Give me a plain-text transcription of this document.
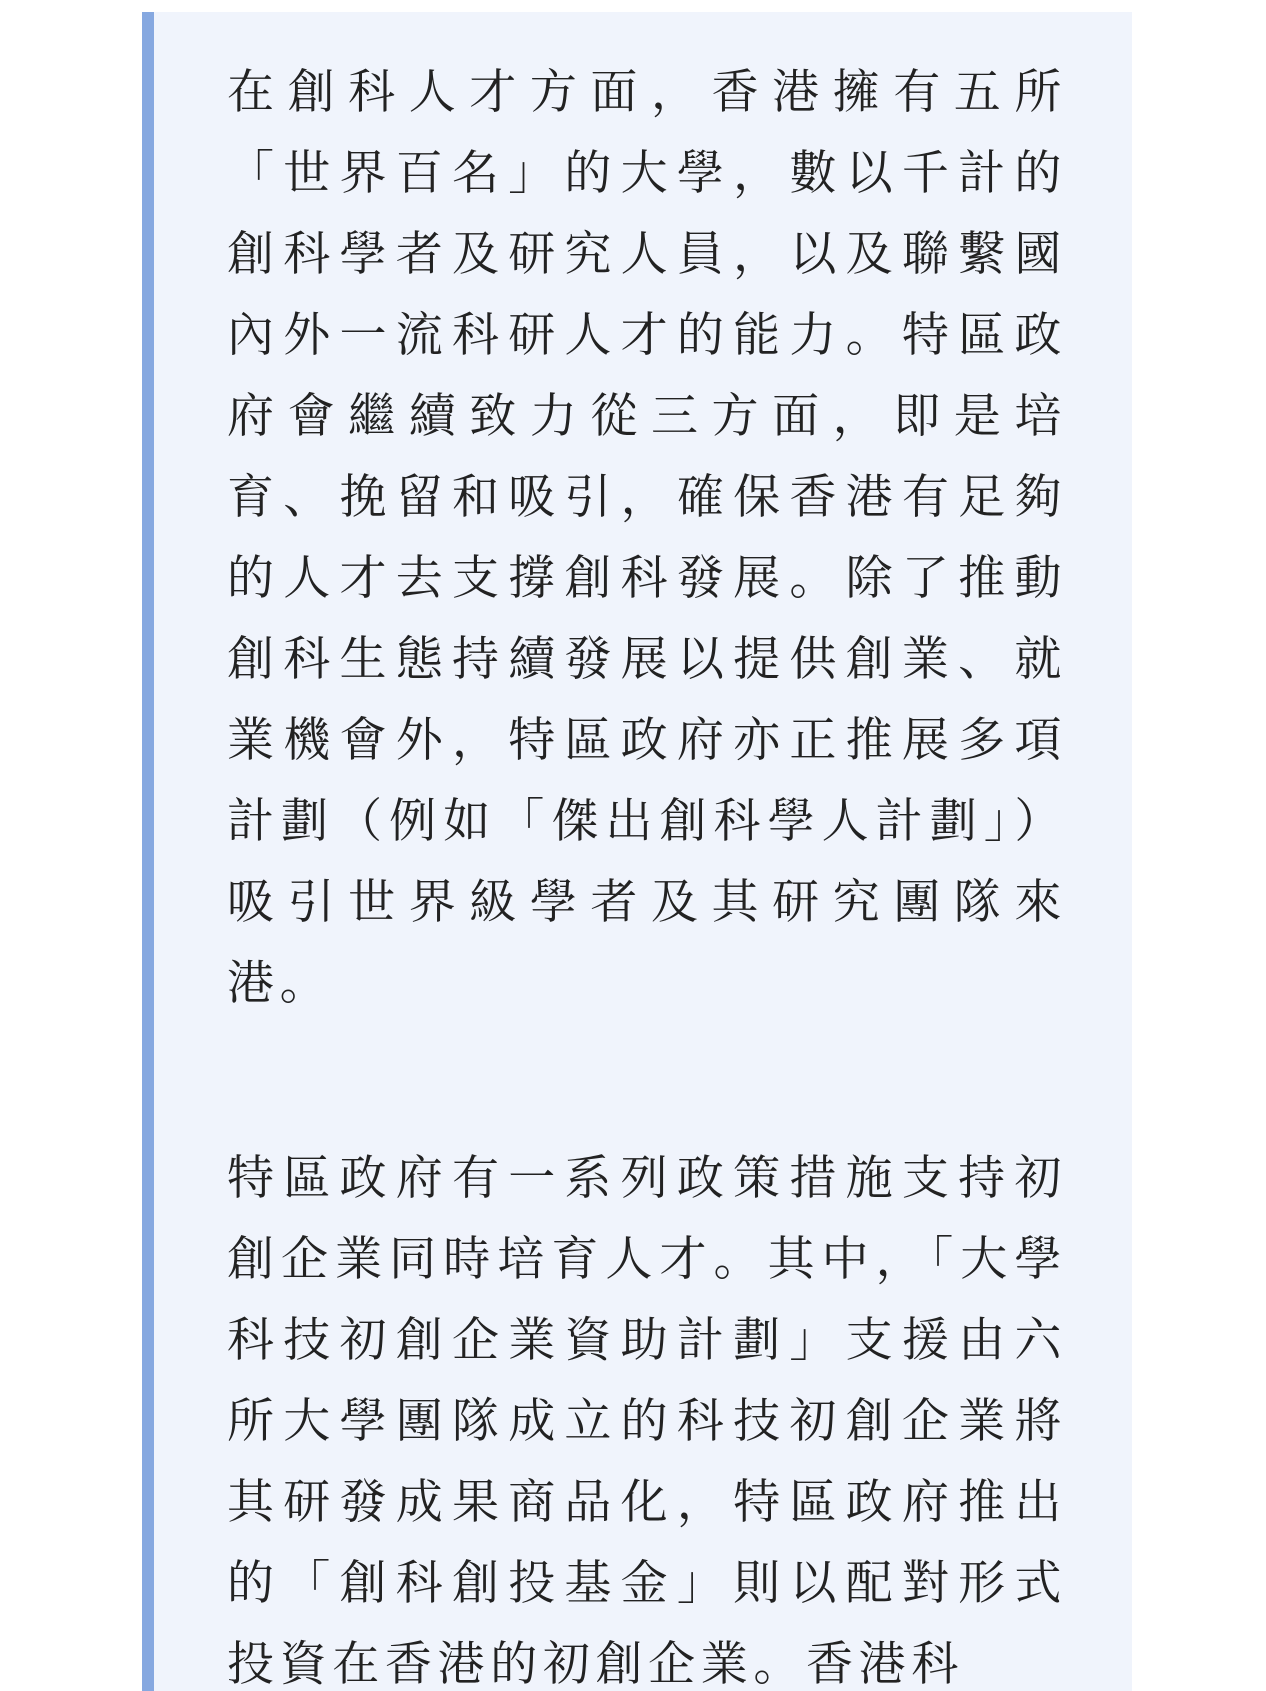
在創科人才方面，香港擁有五所「世界百名」的大學，數以千計的創科學者及研究人員，以及聯繫國內外一流科研人才的能力。特區政府會繼續致力從三方面，即是培育、挽留和吸引，確保香港有足夠的人才去支撐創科發展。除了推動創科生態持續發展以提供創業、就業機會外，特區政府亦正推展多項計劃（例如「傑出創科學人計劃」）吸引世界級學者及其研究團隊來港。

特區政府有一系列政策措施支持初創企業同時培育人才。其中，「大學科技初創企業資助計劃」支援由六所大學團隊成立的科技初創企業將其研發成果商品化，特區政府推出的「創科創投基金」則以配對形式投資在香港的初創企業。香港科
